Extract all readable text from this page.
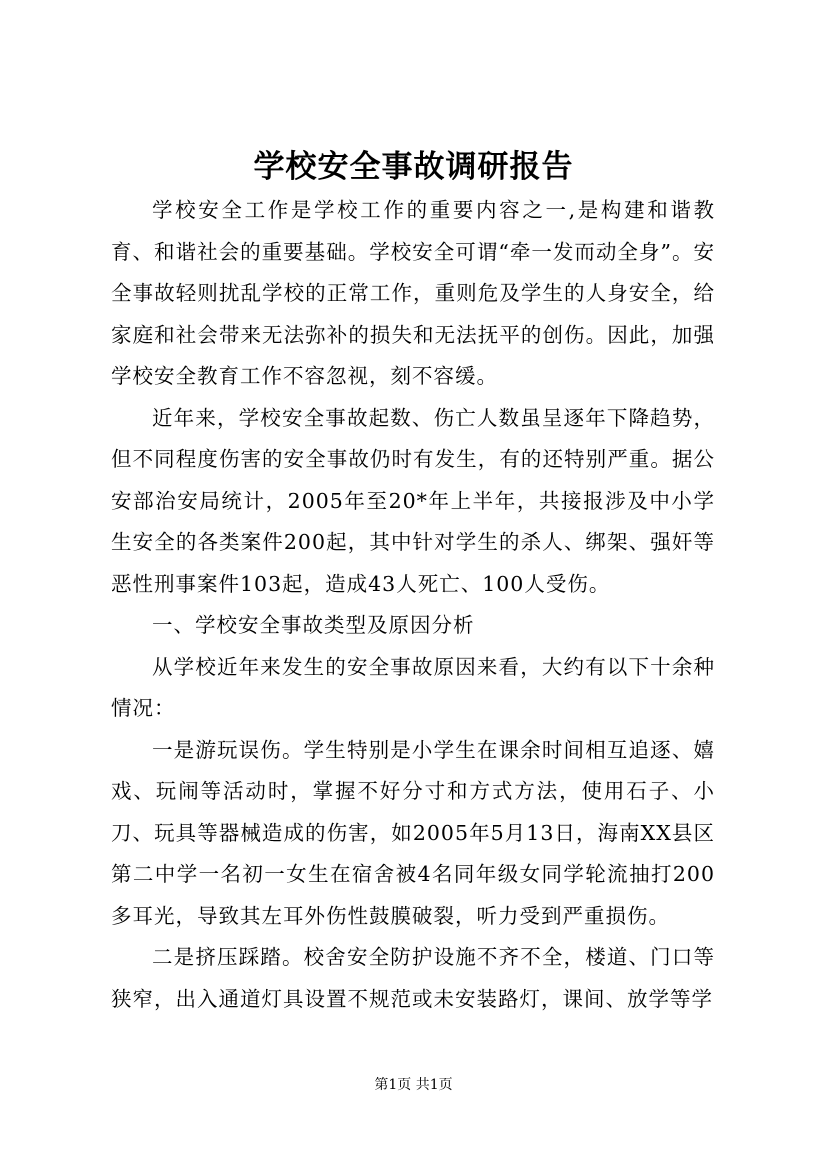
学校安全事故调研报告

学校安全工作是学校工作的重要内容之一,是构建和谐教育、和谐社会的重要基础。学校安全可谓“牵一发而动全身”。安全事故轻则扰乱学校的正常工作，重则危及学生的人身安全，给家庭和社会带来无法弥补的损失和无法抚平的创伤。因此，加强学校安全教育工作不容忽视，刻不容缓。

近年来，学校安全事故起数、伤亡人数虽呈逐年下降趋势，但不同程度伤害的安全事故仍时有发生，有的还特别严重。据公安部治安局统计，2005年至20*年上半年，共接报涉及中小学生安全的各类案件200起，其中针对学生的杀人、绑架、强奸等恶性刑事案件103起，造成43人死亡、100人受伤。

一、学校安全事故类型及原因分析

从学校近年来发生的安全事故原因来看，大约有以下十余种情况：

一是游玩误伤。学生特别是小学生在课余时间相互追逐、嬉戏、玩闹等活动时，掌握不好分寸和方式方法，使用石子、小刀、玩具等器械造成的伤害，如2005年5月13日，海南XX县区第二中学一名初一女生在宿舍被4名同年级女同学轮流抽打200多耳光，导致其左耳外伤性鼓膜破裂，听力受到严重损伤。

二是挤压踩踏。校舍安全防护设施不齐不全，楼道、门口等狭窄，出入通道灯具设置不规范或未安装路灯，课间、放学等学

第1页 共1页
